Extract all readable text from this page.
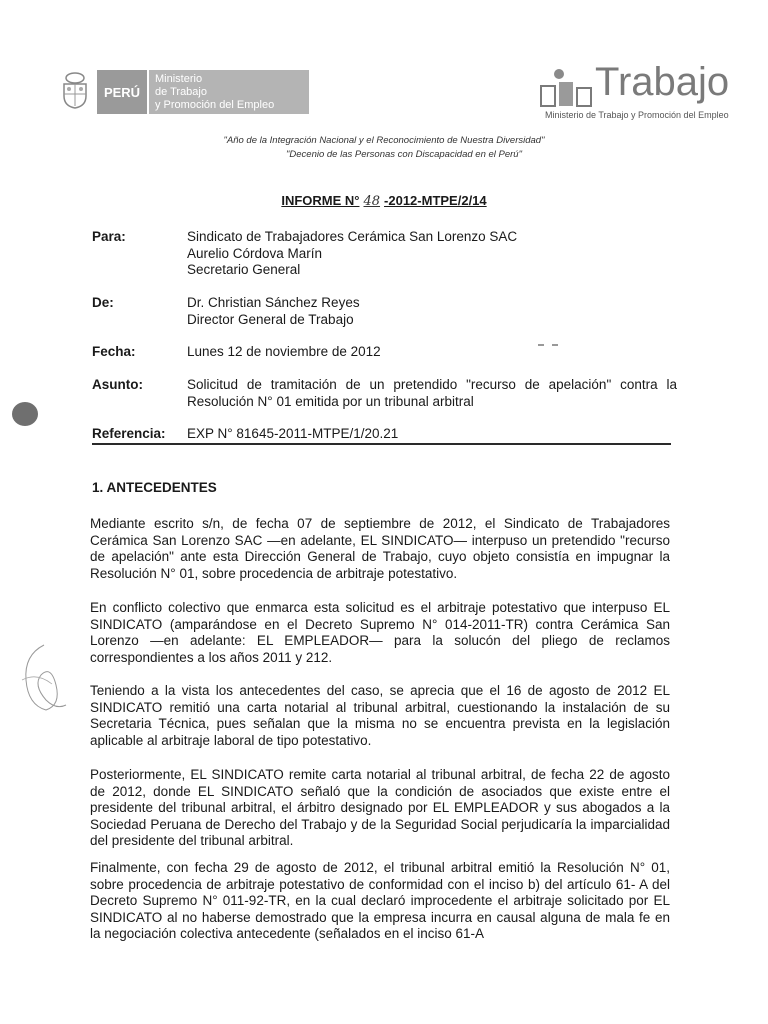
PERÚ
Ministerio
de Trabajo
y Promoción del Empleo
Trabajo
Ministerio de Trabajo y Promoción del Empleo
"Año de la Integración Nacional y el Reconocimiento de Nuestra Diversidad"
"Decenio de las Personas con Discapacidad en el Perú"
INFORME N° 48 -2012-MTPE/2/14
Para:	Sindicato de Trabajadores Cerámica San Lorenzo SAC
Aurelio Córdova Marín
Secretario General
De:	Dr. Christian Sánchez Reyes
Director General de Trabajo
Fecha:	Lunes 12 de noviembre de 2012
Asunto:	Solicitud de tramitación de un pretendido "recurso de apelación" contra la Resolución N° 01 emitida por un tribunal arbitral
Referencia: EXP N° 81645-2011-MTPE/1/20.21
1. ANTECEDENTES
Mediante escrito s/n, de fecha 07 de septiembre de 2012, el Sindicato de Trabajadores Cerámica San Lorenzo SAC —en adelante, EL SINDICATO— interpuso un pretendido "recurso de apelación" ante esta Dirección General de Trabajo, cuyo objeto consistía en impugnar la Resolución N° 01, sobre procedencia de arbitraje potestativo.
En conflicto colectivo que enmarca esta solicitud es el arbitraje potestativo que interpuso EL SINDICATO (amparándose en el Decreto Supremo N° 014-2011-TR) contra Cerámica San Lorenzo —en adelante: EL EMPLEADOR— para la solucón del pliego de reclamos correspondientes a los años 2011 y 212.
Teniendo a la vista los antecedentes del caso, se aprecia que el 16 de agosto de 2012 EL SINDICATO remitió una carta notarial al tribunal arbitral, cuestionando la instalación de su Secretaria Técnica, pues señalan que la misma no se encuentra prevista en la legislación aplicable al arbitraje laboral de tipo potestativo.
Posteriormente, EL SINDICATO remite carta notarial al tribunal arbitral, de fecha 22 de agosto de 2012, donde EL SINDICATO señaló que la condición de asociados que existe entre el presidente del tribunal arbitral, el árbitro designado por EL EMPLEADOR y sus abogados a la Sociedad Peruana de Derecho del Trabajo y de la Seguridad Social perjudicaría la imparcialidad del presidente del tribunal arbitral.
Finalmente, con fecha 29 de agosto de 2012, el tribunal arbitral emitió la Resolución N° 01, sobre procedencia de arbitraje potestativo de conformidad con el inciso b) del artículo 61- A del Decreto Supremo N° 011-92-TR, en la cual declaró improcedente el arbitraje solicitado por EL SINDICATO al no haberse demostrado que la empresa incurra en causal alguna de mala fe en la negociación colectiva antecedente (señalados en el inciso 61-A
